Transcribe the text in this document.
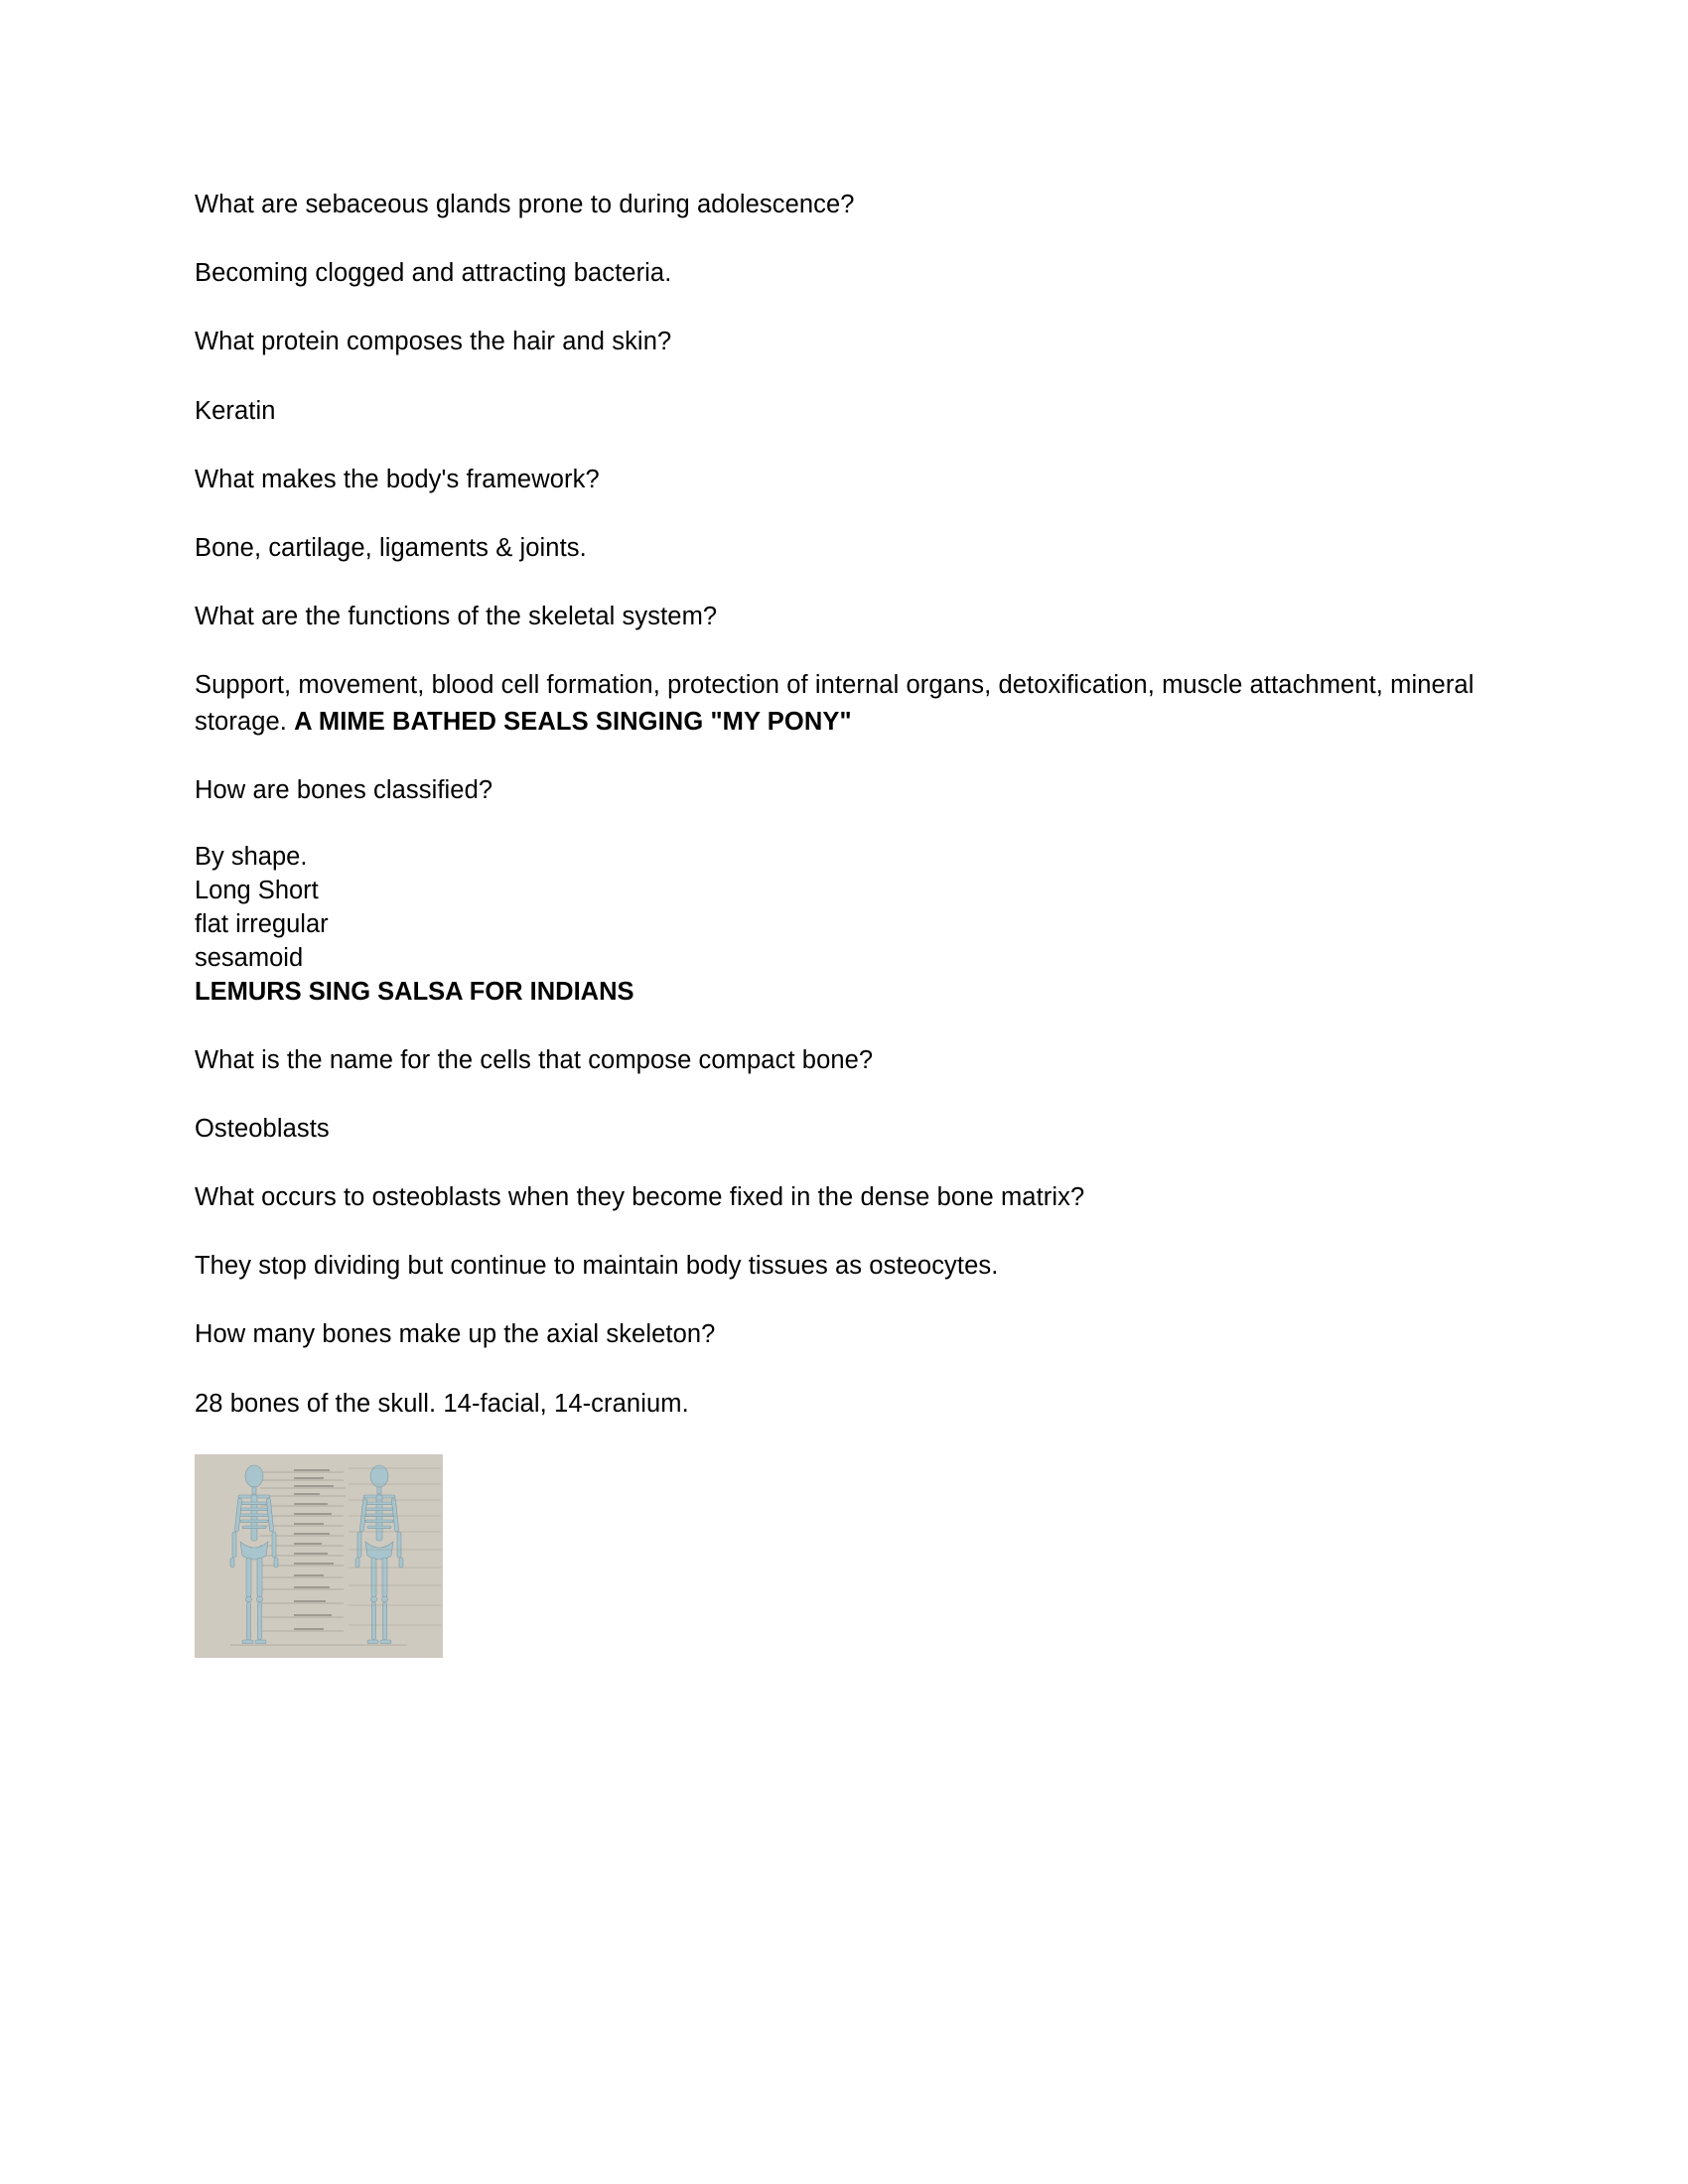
What are sebaceous glands prone to during adolescence?

Becoming clogged and attracting bacteria.

What protein composes the hair and skin?

Keratin

What makes the body's framework?

Bone, cartilage, ligaments & joints.

What are the functions of the skeletal system?

Support, movement, blood cell formation, protection of internal organs, detoxification, muscle attachment, mineral storage. A MIME BATHED SEALS SINGING "MY PONY"

How are bones classified?

By shape.
Long Short
flat irregular
sesamoid
LEMURS SING SALSA FOR INDIANS

What is the name for the cells that compose compact bone?

Osteoblasts

What occurs to osteoblasts when they become fixed in the dense bone matrix?

They stop dividing but continue to maintain body tissues as osteocytes.

How many bones make up the axial skeleton?

28 bones of the skull. 14-facial, 14-cranium.
